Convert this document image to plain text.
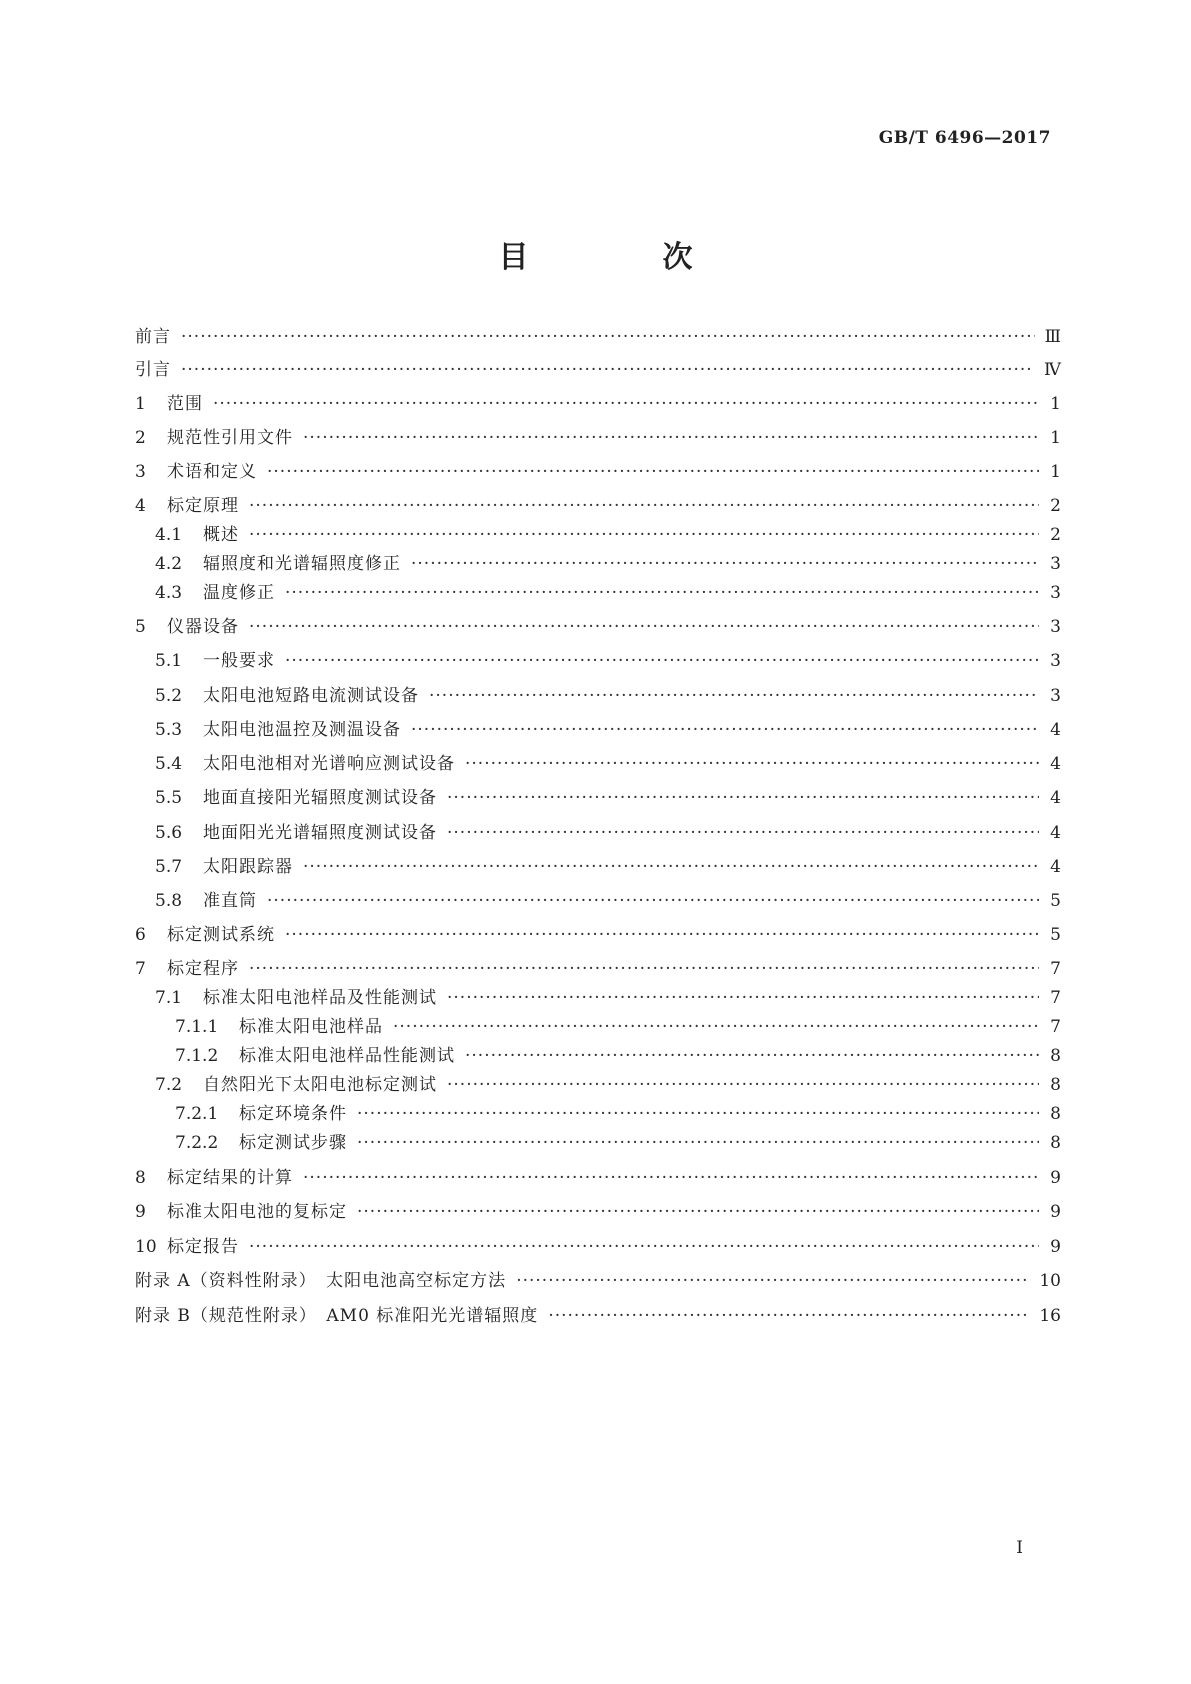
GB/T 6496—2017
目　次
前言 ·····	Ⅲ
引言 ·····	Ⅳ
1	范围 ·····	1
2	规范性引用文件 ·····	1
3	术语和定义 ·····	1
4	标定原理 ·····	2
4.1	概述 ·····	2
4.2	辐照度和光谱辐照度修正 ·····	3
4.3	温度修正 ·····	3
5	仪器设备 ·····	3
5.1	一般要求 ·····	3
5.2	太阳电池短路电流测试设备 ·····	3
5.3	太阳电池温控及测温设备 ·····	4
5.4	太阳电池相对光谱响应测试设备 ·····	4
5.5	地面直接阳光辐照度测试设备 ·····	4
5.6	地面阳光光谱辐照度测试设备 ·····	4
5.7	太阳跟踪器 ·····	4
5.8	准直筒 ·····	5
6	标定测试系统 ·····	5
7	标定程序 ·····	7
7.1	标准太阳电池样品及性能测试 ·····	7
7.1.1	标准太阳电池样品 ·····	7
7.1.2	标准太阳电池样品性能测试 ·····	8
7.2	自然阳光下太阳电池标定测试 ·····	8
7.2.1	标定环境条件 ·····	8
7.2.2	标定测试步骤 ·····	8
8	标定结果的计算 ·····	9
9	标准太阳电池的复标定 ·····	9
10 标定报告 ·····	9
附录 A（资料性附录）　太阳电池高空标定方法 ·····	10
附录 B（规范性附录）　AM0 标准阳光光谱辐照度 ·····	16
I
